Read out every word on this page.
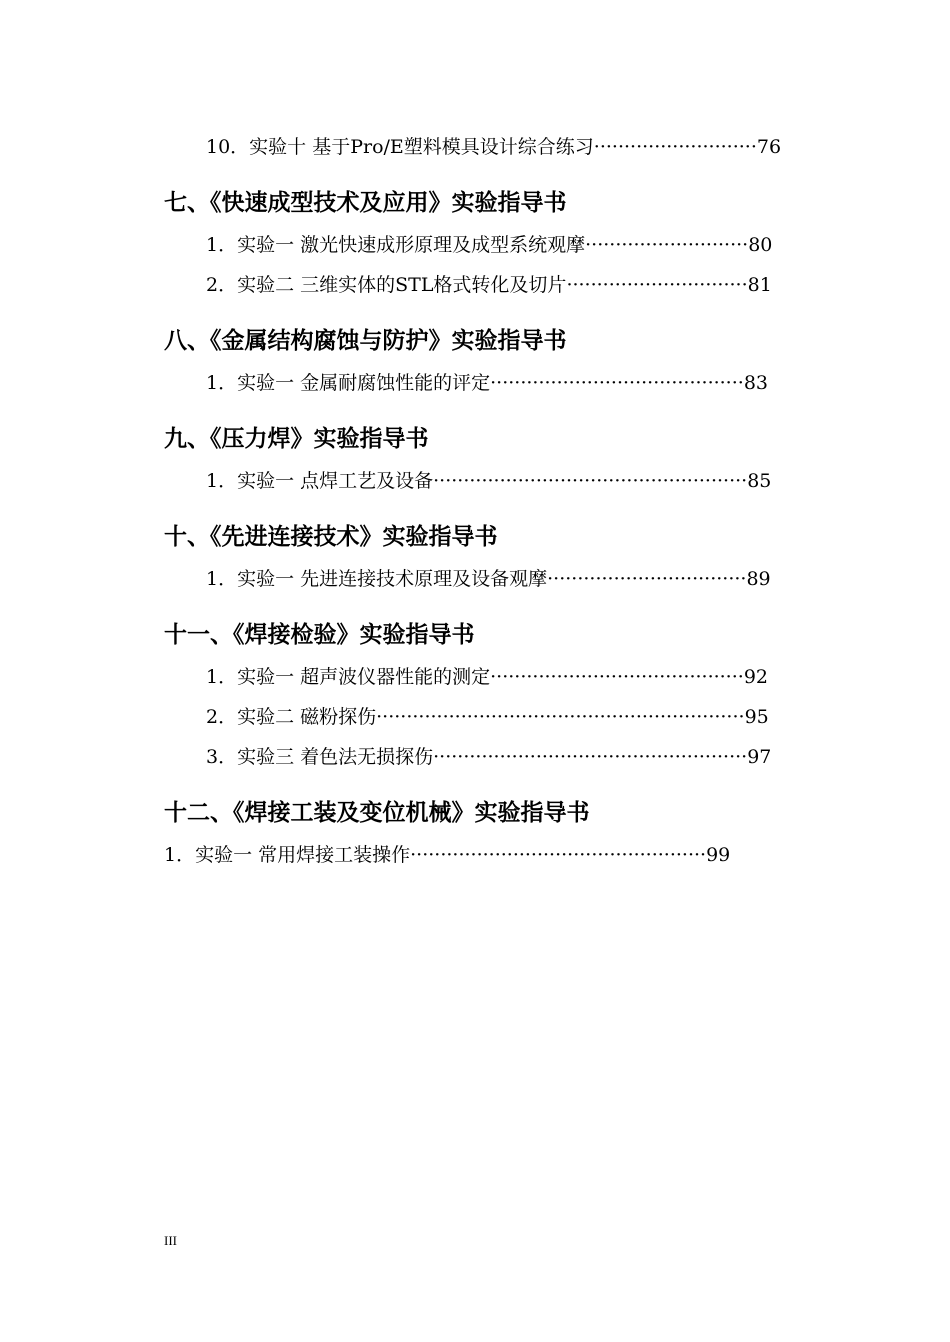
10．实验十 基于Pro/E塑料模具设计综合练习 ··························· 76
七、《快速成型技术及应用》实验指导书
1．实验一 激光快速成形原理及成型系统观摩 ··························· 80
2．实验二 三维实体的STL格式转化及切片 ······························ 81
八、《金属结构腐蚀与防护》实验指导书
1．实验一 金属耐腐蚀性能的评定 ·········································· 83
九、《压力焊》实验指导书
1．实验一 点焊工艺及设备 ···················································· 85
十、《先进连接技术》实验指导书
1．实验一 先进连接技术原理及设备观摩 ································· 89
十一、《焊接检验》实验指导书
1．实验一 超声波仪器性能的测定 ·········································· 92
2．实验二 磁粉探伤 ····························································· 95
3．实验三 着色法无损探伤 ···················································· 97
十二、《焊接工装及变位机械》实验指导书
1．实验一 常用焊接工装操作 ················································· 99
III
